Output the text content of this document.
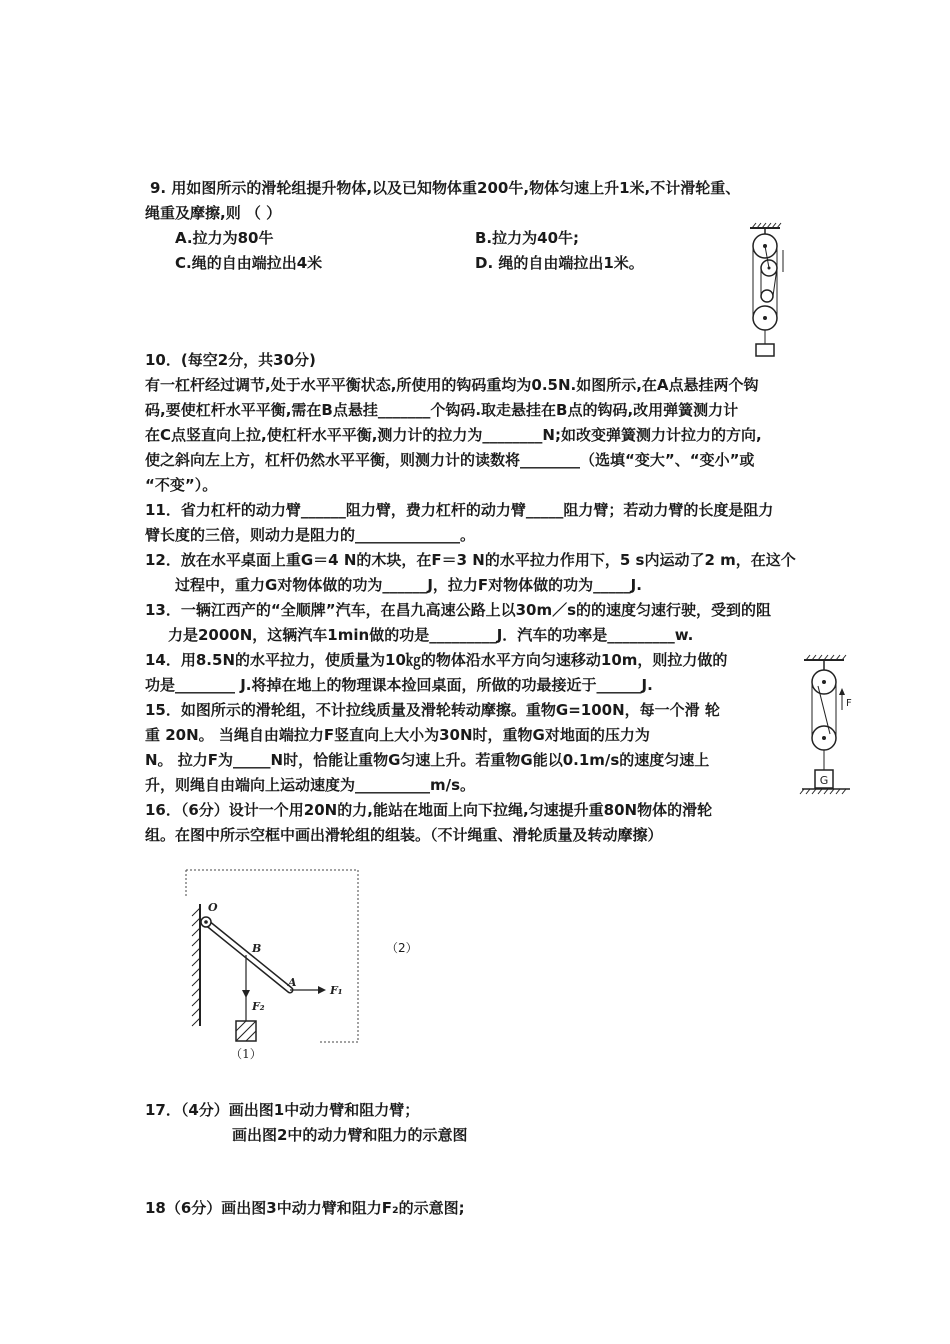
9. 用如图所示的滑轮组提升物体,以及已知物体重200牛,物体匀速上升1米,不计滑轮重、
绳重及摩擦,则 （ ）
A.拉力为80牛	B.拉力为40牛;
C.绳的自由端拉出4米	D. 绳的自由端拉出1米。
10．(每空2分，共30分)
有一杠杆经过调节,处于水平平衡状态,所使用的钩码重均为0.5N.如图所示,在A点悬挂两个钩
码,要使杠杆水平平衡,需在B点悬挂_______个钩码.取走悬挂在B点的钩码,改用弹簧测力计
在C点竖直向上拉,使杠杆水平平衡,测力计的拉力为________N;如改变弹簧测力计拉力的方向,
使之斜向左上方，杠杆仍然水平平衡，则测力计的读数将________（选填“变大”、“变小”或
“不变”）。
11．省力杠杆的动力臂______阻力臂，费力杠杆的动力臂_____阻力臂；若动力臂的长度是阻力
臂长度的三倍，则动力是阻力的______________。
12．放在水平桌面上重G＝4 N的木块，在F＝3 N的水平拉力作用下，5 s内运动了2 m，在这个
过程中，重力G对物体做的功为______J，拉力F对物体做的功为_____J.
13．一辆江西产的“全顺牌”汽车，在昌九高速公路上以30m／s的的速度匀速行驶，受到的阻
力是2000N，这辆汽车1min做的功是_________J．汽车的功率是_________w.
14．用8.5N的水平拉力，使质量为10㎏的物体沿水平方向匀速移动10m，则拉力做的
功是________ J.将掉在地上的物理课本捡回桌面，所做的功最接近于______J.
15．如图所示的滑轮组，不计拉线质量及滑轮转动摩擦。重物G=100N，每一个滑 轮
重 20N。 当绳自由端拉力F竖直向上大小为30N时，重物G对地面的压力为
N。 拉力F为_____N时，恰能让重物G匀速上升。若重物G能以0.1m/s的速度匀速上
升，则绳自由端向上运动速度为__________m/s。
F
G
16．（6分）设计一个用20N的力,能站在地面上向下拉绳,匀速提升重80N物体的滑轮
组。在图中所示空框中画出滑轮组的组装。（不计绳重、滑轮质量及转动摩擦）
O
B
A
F₁
F₂
（1）
（2）
17．（4分）画出图1中动力臂和阻力臂；
画出图2中的动力臂和阻力的示意图
18（6分）画出图3中动力臂和阻力F₂的示意图;
